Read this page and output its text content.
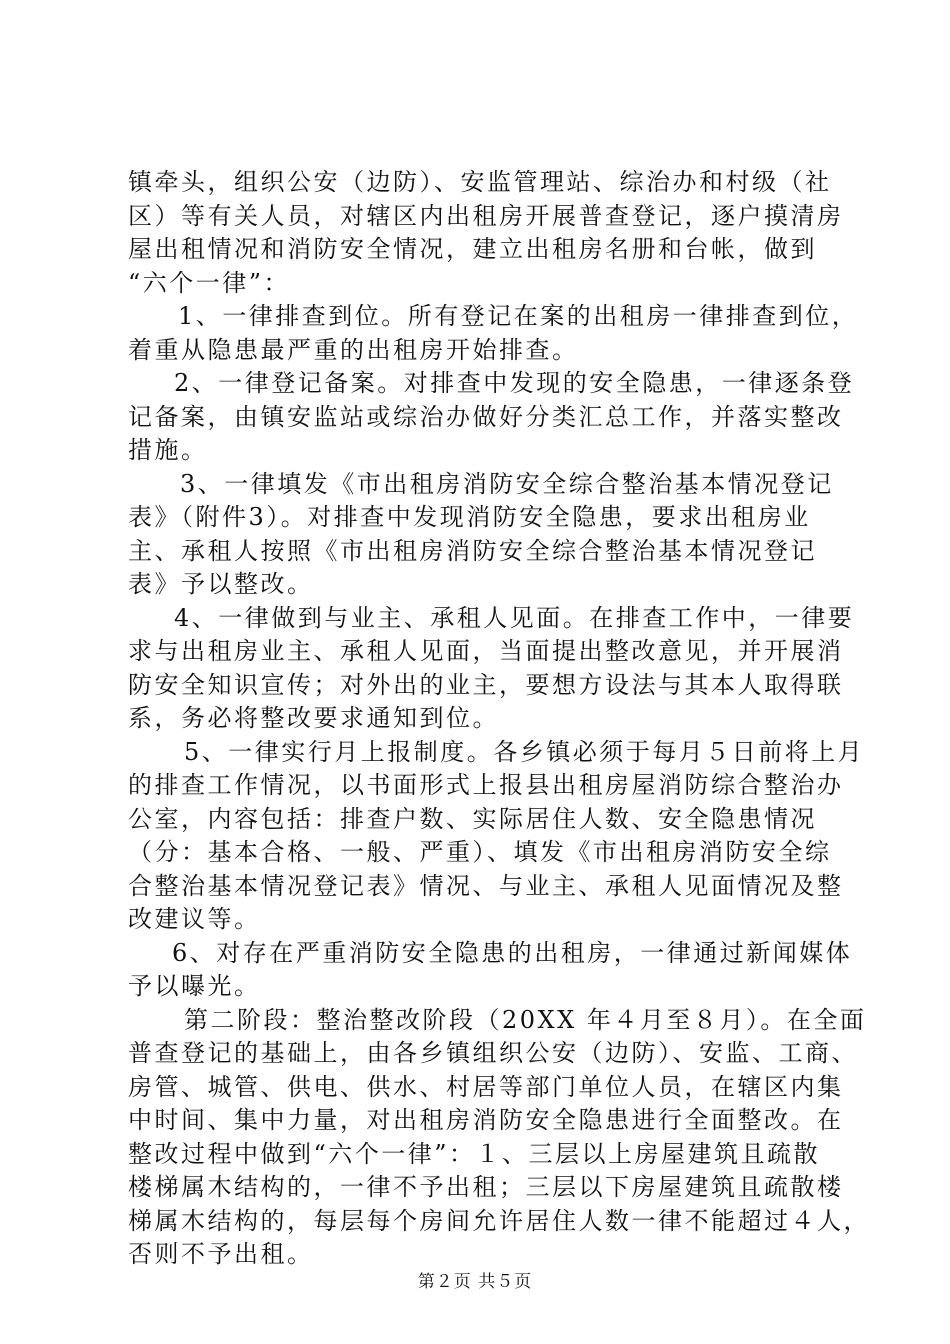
镇牵头，组织公安（边防）、安监管理站、综治办和村级（社
区）等有关人员，对辖区内出租房开展普查登记，逐户摸清房
屋出租情况和消防安全情况，建立出租房名册和台帐，做到
“六个一律”：
1、一律排查到位。所有登记在案的出租房一律排查到位，
着重从隐患最严重的出租房开始排查。
2、一律登记备案。对排查中发现的安全隐患，一律逐条登
记备案，由镇安监站或综治办做好分类汇总工作，并落实整改
措施。
3、一律填发《市出租房消防安全综合整治基本情况登记
表》（附件3）。对排查中发现消防安全隐患，要求出租房业
主、承租人按照《市出租房消防安全综合整治基本情况登记
表》予以整改。
4、一律做到与业主、承租人见面。在排查工作中，一律要
求与出租房业主、承租人见面，当面提出整改意见，并开展消
防安全知识宣传；对外出的业主，要想方设法与其本人取得联
系，务必将整改要求通知到位。
5、一律实行月上报制度。各乡镇必须于每月５日前将上月
的排查工作情况，以书面形式上报县出租房屋消防综合整治办
公室，内容包括：排查户数、实际居住人数、安全隐患情况
（分：基本合格、一般、严重）、填发《市出租房消防安全综
合整治基本情况登记表》情况、与业主、承租人见面情况及整
改建议等。
6、对存在严重消防安全隐患的出租房，一律通过新闻媒体
予以曝光。
第二阶段：整治整改阶段（20XX 年４月至８月）。在全面
普查登记的基础上，由各乡镇组织公安（边防）、安监、工商、
房管、城管、供电、供水、村居等部门单位人员，在辖区内集
中时间、集中力量，对出租房消防安全隐患进行全面整改。在
整改过程中做到“六个一律”：１、三层以上房屋建筑且疏散
楼梯属木结构的，一律不予出租；三层以下房屋建筑且疏散楼
梯属木结构的，每层每个房间允许居住人数一律不能超过４人，
否则不予出租。
第２页 共５页
